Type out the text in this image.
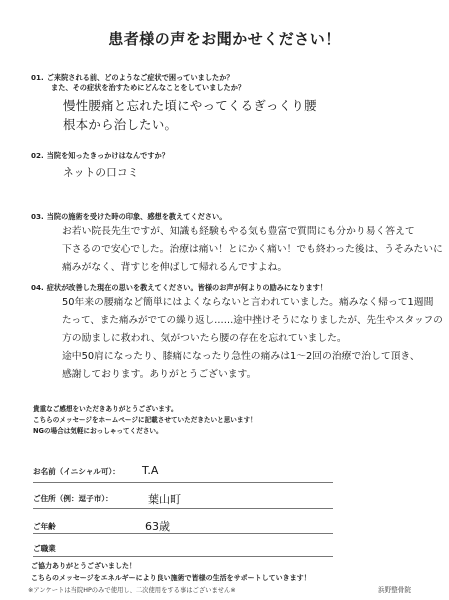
患者様の声をお聞かせください！
01. ご来院される前、どのようなご症状で困っていましたか？
また、その症状を治すためにどんなことをしていましたか？
慢性腰痛と忘れた頃にやってくるぎっくり腰
根本から治したい。
02. 当院を知ったきっかけはなんですか？
ネットの口コミ
03. 当院の施術を受けた時の印象、感想を教えてください。
お若い院長先生ですが、知識も経験もやる気も豊富で質問にも分かり易く答えて
下さるので安心でした。治療は痛い！とにかく痛い！でも終わった後は、うそみたいに
痛みがなく、背すじを伸ばして帰れるんですよね。
04. 症状が改善した現在の思いを教えてください。皆様のお声が何よりの励みになります！
50年来の腰痛など簡単にはよくならないと言われていました。痛みなく帰って1週間
たって、また痛みがでての繰り返し……途中挫けそうになりましたが、先生やスタッフの
方の励ましに救われ、気がついたら腰の存在を忘れていました。
途中50肩になったり、膝痛になったり急性の痛みは1〜2回の治療で治して頂き、
感謝しております。ありがとうございます。
貴重なご感想をいただきありがとうございます。
こちらのメッセージをホームページに記載させていただきたいと思います！
NGの場合は気軽におっしゃってください。
お名前（イニシャル可）： T.A
ご住所（例：逗子市）：	葉山町
ご年齢	63歳
ご職業
ご協力ありがとうございました！
こちらのメッセージをエネルギーにより良い施術で皆様の生活をサポートしていきます！
※アンケートは当院HPのみで使用し、二次使用をする事はございません※	浜野整骨院
